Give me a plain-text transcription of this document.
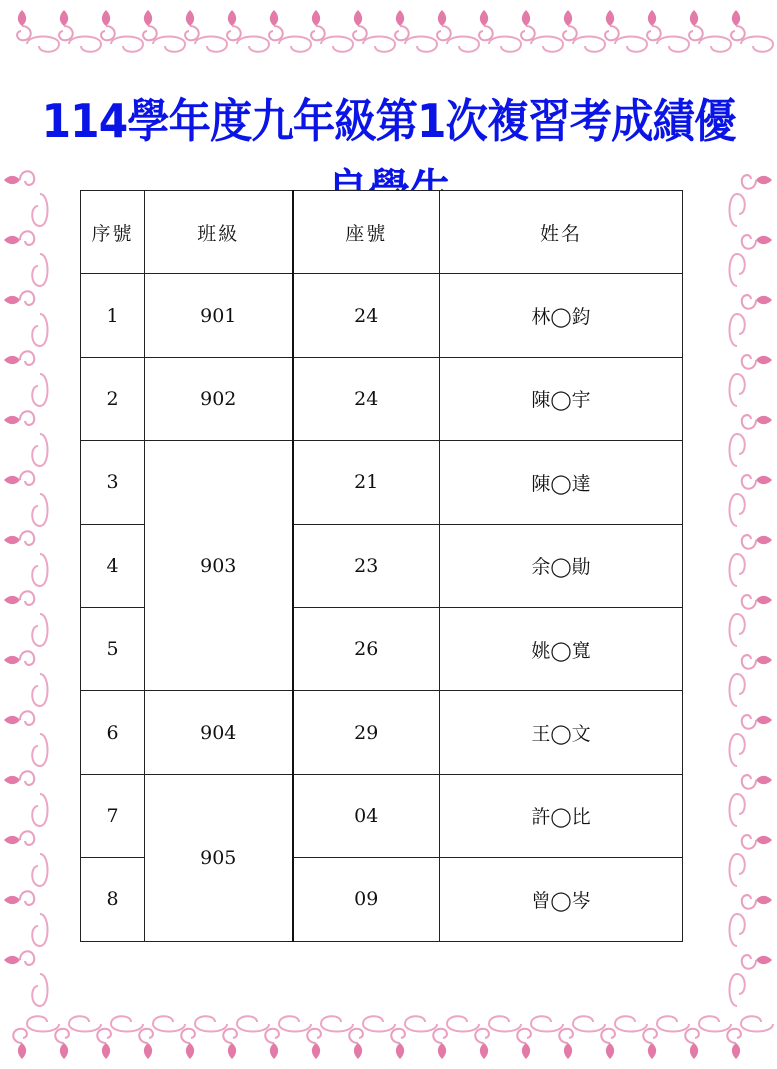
114學年度九年級第1次複習考成績優
序號	班級	座號	姓名
1	901	24	林◯鈞
2	902	24	陳◯宇
3	903	21	陳◯達
4		23	余◯勛
5		26	姚◯寬
6	904	29	王◯文
7	905	04	許◯比
8		09	曾◯岑
